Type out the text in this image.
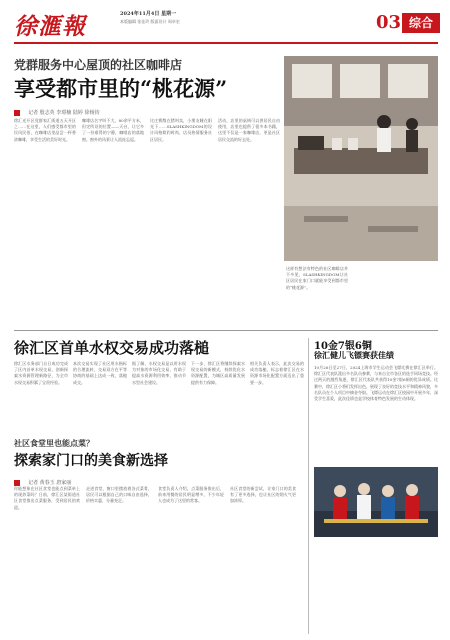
徐滙報	2024年11月4日 星期一
本版编辑 张佳玲 版面设计 周卓宏	03 综合
党群服务中心屋顶的社区咖啡店
享受都市里的“桃花源”
记者 殷志英 李璟楠 陆婷 徐杨钧
徐汇光开区党群家汇街道五天开区之……在这里，人们感受都市里的民风民俗，在咖啡店里品尝一杯香浓咖啡，享受生活的美好时光。
咖啡店名字叫不大，80余平方米，但定所设的位置——天台，让它多了一份难得的宁静，咖啡店的落地窗。窗外的风景让人流连忘返。
比庄赛散在猪叫卖，小朋友睡在阳光下……SLASHKINGDOM的设计风格简约时尚，店员热情服务社区居民。
活动、店里的桌椅可以供居民自由使用，店里也提供了很多本书籍，这里不仅是一家咖啡店，更是社区居民交流的好去处。
这样有想法有特色的社区咖啡店并不多见，SLASHKINGDOM让社区居民在家门口就能享受到都市里的“桃花源”。
徐汇区首单水权交易成功落槌
徐汇区水务部门自日成功完成了区内首单水权交易，创新探索水资源管理新路径，为全市水权交易积累了宝贵经验。
本次交易实现了社区用水指标的合理流转，交易双方在平等协商的基础上达成一致，落槌成交。
据了解，水权交易是以用水权为对象的市场化交易，有助于提高水资源利用效率，推动节水型社会建设。
下一步，徐汇区将继续探索水权交易的新模式，持续优化水资源配置，为城区高质量发展提供有力保障。
相关负责人表示，此次交易的成功落槌，标志着徐汇区在水资源市场化配置方面迈出了重要一步。
社区食堂里也能点菜？
探索家门口的美食新选择
记者 黄春玉 唐家丽
你能想象在社区食堂也能点到菜单上的现炒菜吗？日前，徐汇区某街道社区食堂推出点菜服务，受到居民的欢迎。
走进食堂，窗口里摆放着各式菜肴，居民可以根据自己的口味自由选择，价格实惠，分量充足。
食堂负责人介绍，点菜服务推出后，前来用餐的居民明显增多，不少年轻人也成为了这里的常客。
社区食堂的新尝试，让家门口的美食有了更多选择，也让社区的烟火气更加浓厚。
10金7银6铜
徐汇健儿飞镖赛获佳绩
10月26日至27日，2024上海市学生运动会飞镖比赛在徐汇区举行。徐汇区代表队派出多名队员参赛，与来自全市各区的选手同场竞技。经过两天的激烈角逐，徐汇区代表队共获得10金7银6铜的优异成绩。比赛中，徐汇区小将们发挥出色，展现了良好的竞技水平和精神风貌，多名队员在个人项目中摘金夺银。飞镖运动在徐汇区校园中开展多年，深受学生喜爱，此次佳绩也是学校体育特色发展的生动体现。
